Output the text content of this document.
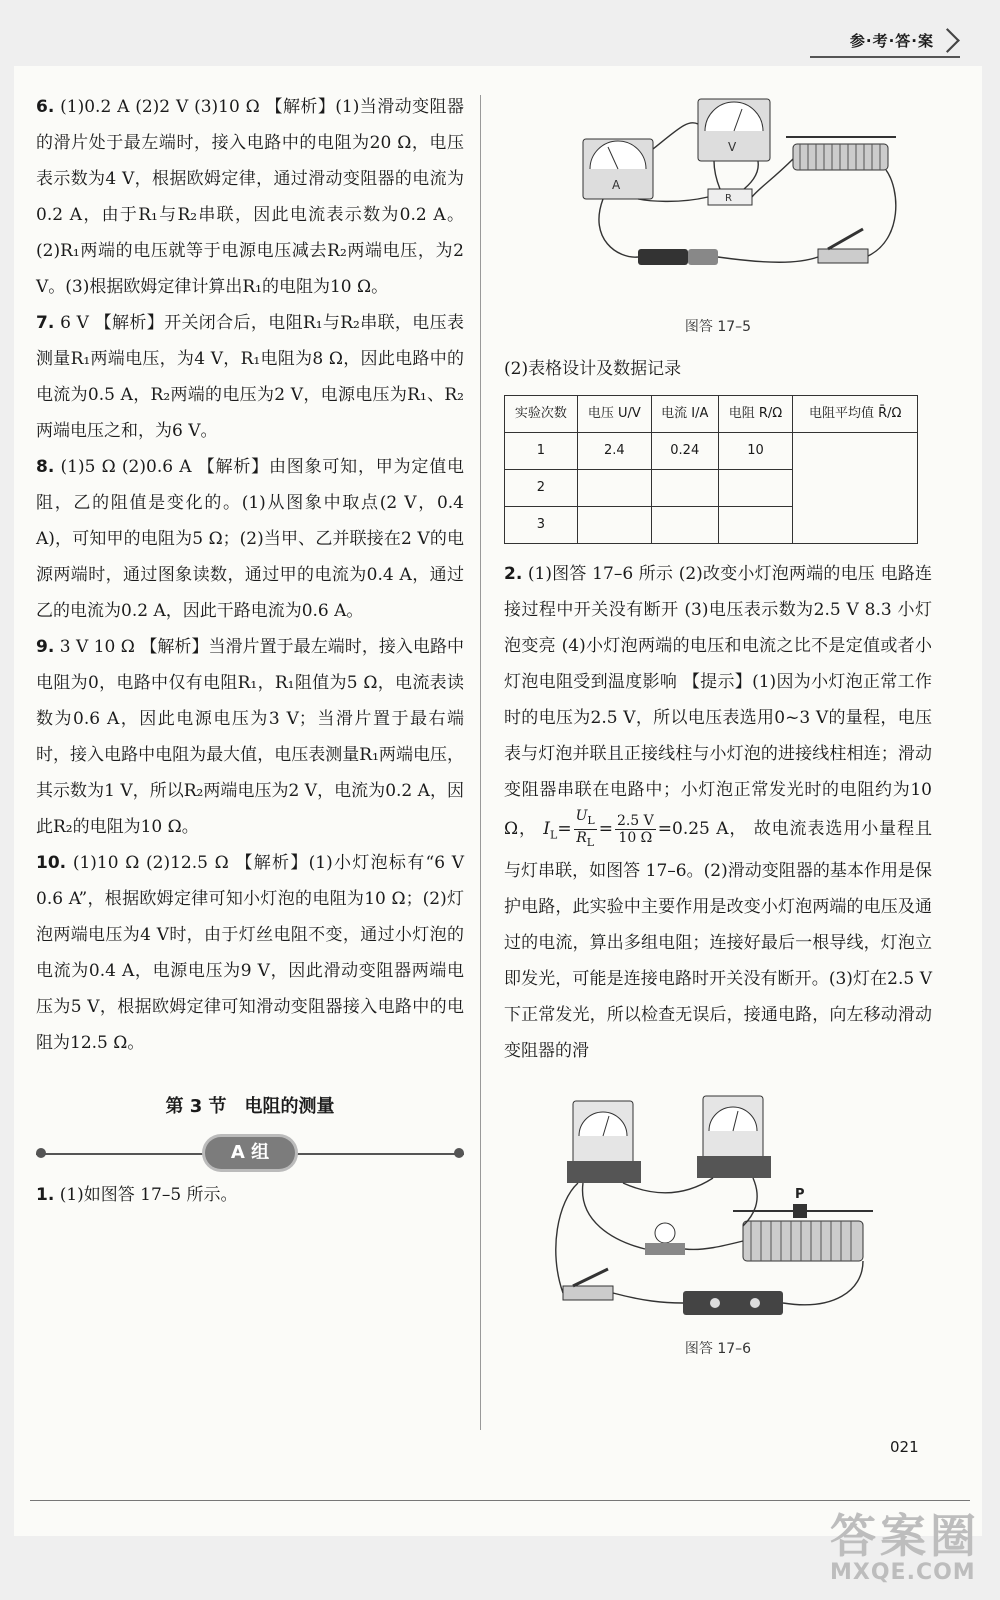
参·考·答·案

6. (1)0.2 A (2)2 V (3)10 Ω 【解析】(1)当滑动变阻器的滑片处于最左端时，接入电路中的电阻为20 Ω，电压表示数为4 V，根据欧姆定律，通过滑动变阻器的电流为0.2 A，由于R₁与R₂串联，因此电流表示数为0.2 A。(2)R₁两端的电压就等于电源电压减去R₂两端电压，为2 V。(3)根据欧姆定律计算出R₁的电阻为10 Ω。

7. 6 V 【解析】开关闭合后，电阻R₁与R₂串联，电压表测量R₁两端电压，为4 V，R₁电阻为8 Ω，因此电路中的电流为0.5 A，R₂两端的电压为2 V，电源电压为R₁、R₂两端电压之和，为6 V。

8. (1)5 Ω (2)0.6 A 【解析】由图象可知，甲为定值电阻，乙的阻值是变化的。(1)从图象中取点(2 V，0.4 A)，可知甲的电阻为5 Ω；(2)当甲、乙并联接在2 V的电源两端时，通过图象读数，通过甲的电流为0.4 A，通过乙的电流为0.2 A，因此干路电流为0.6 A。

9. 3 V 10 Ω 【解析】当滑片置于最左端时，接入电路中电阻为0，电路中仅有电阻R₁，R₁阻值为5 Ω，电流表读数为0.6 A，因此电源电压为3 V；当滑片置于最右端时，接入电路中电阻为最大值，电压表测量R₁两端电压，其示数为1 V，所以R₂两端电压为2 V，电流为0.2 A，因此R₂的电阻为10 Ω。

10. (1)10 Ω (2)12.5 Ω 【解析】(1)小灯泡标有“6 V 0.6 A”，根据欧姆定律可知小灯泡的电阻为10 Ω；(2)灯泡两端电压为4 V时，由于灯丝电阻不变，通过小灯泡的电流为0.4 A，电源电压为9 V，因此滑动变阻器两端电压为5 V，根据欧姆定律可知滑动变阻器接入电路中的电阻为12.5 Ω。

第 3 节　电阻的测量
A 组

1. (1)如图答 17–5 所示。

A
V
R
图答 17–5

(2)表格设计及数据记录

实验次数	电压 U/V	电流 I/A	电阻 R/Ω	电阻平均值 R̄/Ω
1	2.4	0.24	10	
2				
3				

2. (1)图答 17–6 所示 (2)改变小灯泡两端的电压 电路连接过程中开关没有断开 (3)电压表示数为2.5 V 8.3 小灯泡变亮 (4)小灯泡两端的电压和电流之比不是定值或者小灯泡电阻受到温度影响 【提示】(1)因为小灯泡正常工作时的电压为2.5 V，所以电压表选用0~3 V的量程，电压表与灯泡并联且正接线柱与小灯泡的进接线柱相连；滑动变阻器串联在电路中；小灯泡正常发光时的电阻约为10 Ω， $I_L= \frac{U_L}{R_L} = \frac{2.5 V}{10 \Omega} =0.25$ A， 故电流表选用小量程且与灯串联，如图答 17–6。(2)滑动变阻器的基本作用是保护电路，此实验中主要作用是改变小灯泡两端的电压及通过的电流，算出多组电阻；连接好最后一根导线，灯泡立即发光，可能是连接电路时开关没有断开。(3)灯在2.5 V下正常发光，所以检查无误后，接通电路，向左移动滑动变阻器的滑

P
图答 17–6
021
答案圈
MXQE.COM
